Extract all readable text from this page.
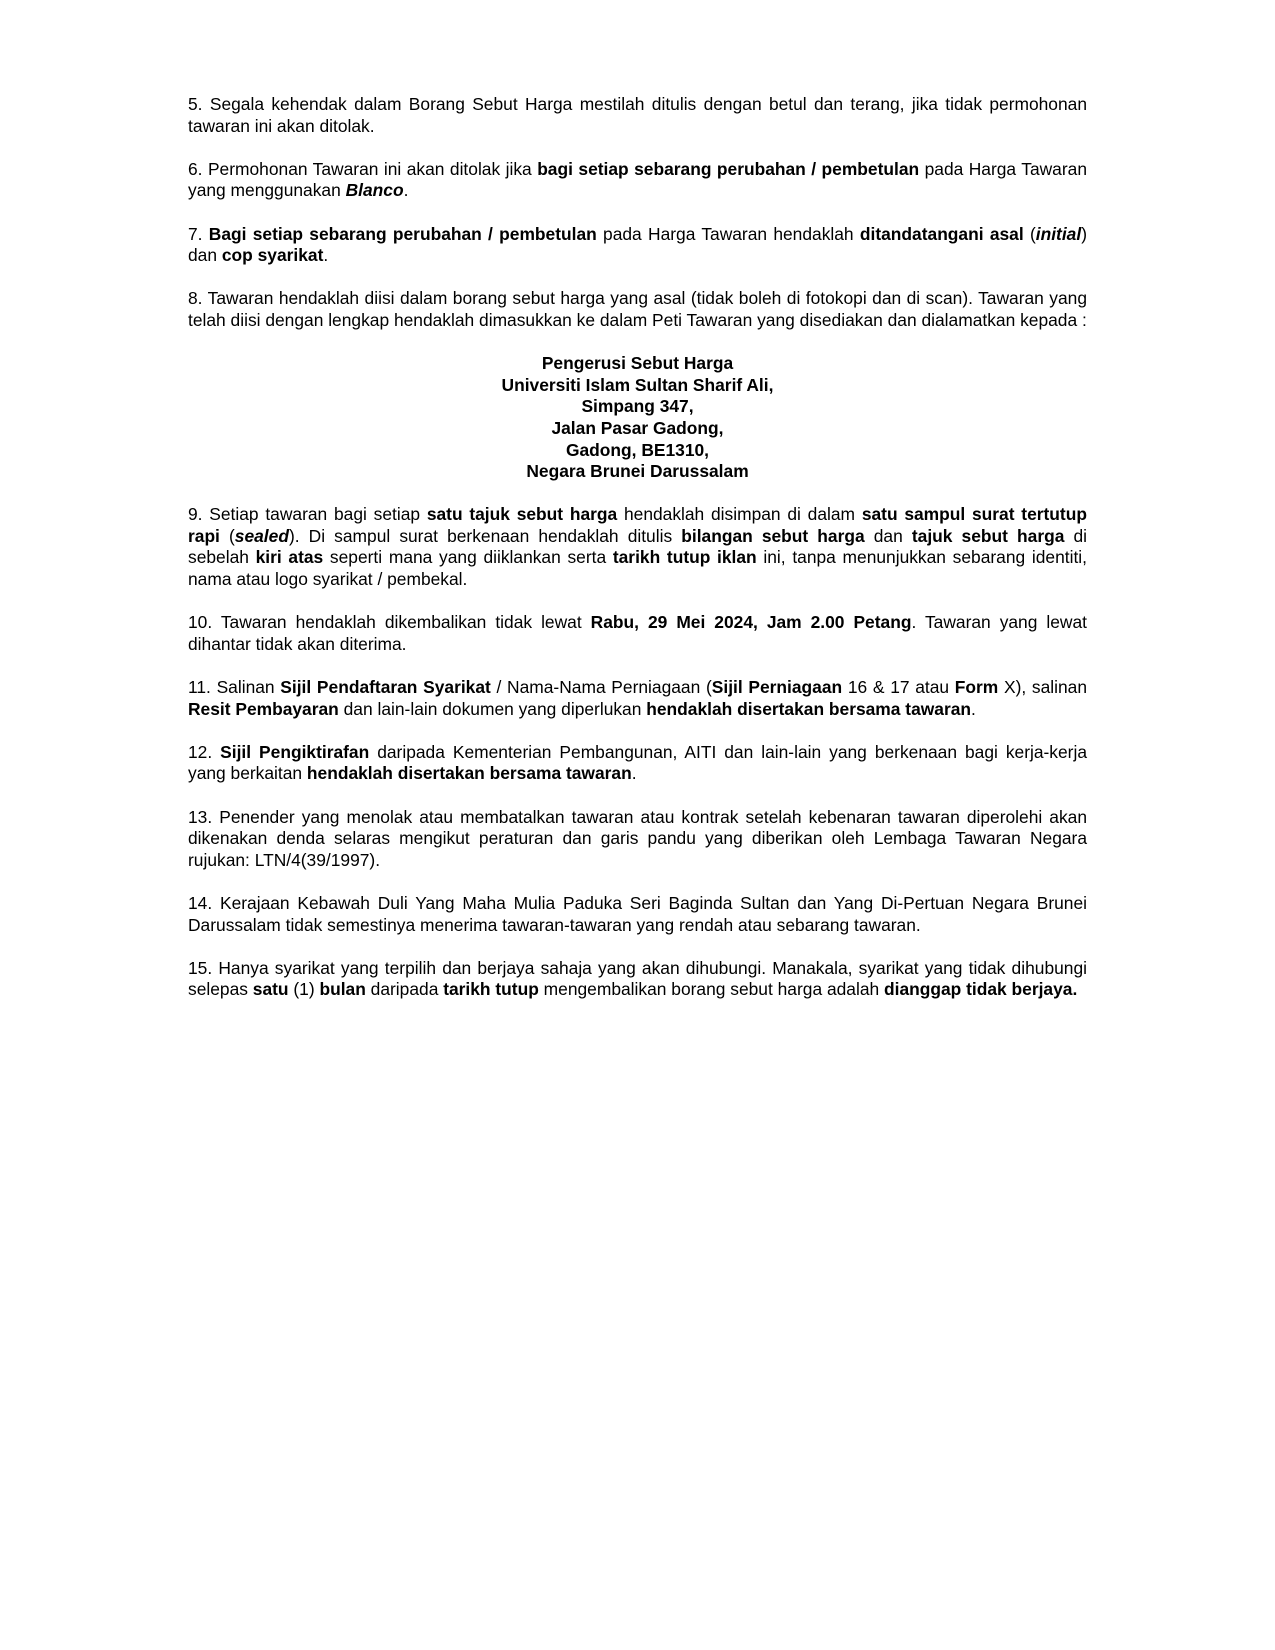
5. Segala kehendak dalam Borang Sebut Harga mestilah ditulis dengan betul dan terang, jika tidak permohonan tawaran ini akan ditolak.

6. Permohonan Tawaran ini akan ditolak jika bagi setiap sebarang perubahan / pembetulan pada Harga Tawaran yang menggunakan Blanco.

7. Bagi setiap sebarang perubahan / pembetulan pada Harga Tawaran hendaklah ditandatangani asal (initial) dan cop syarikat.

8. Tawaran hendaklah diisi dalam borang sebut harga yang asal (tidak boleh di fotokopi dan di scan). Tawaran yang telah diisi dengan lengkap hendaklah dimasukkan ke dalam Peti Tawaran yang disediakan dan dialamatkan kepada :

Pengerusi Sebut Harga
Universiti Islam Sultan Sharif Ali,
Simpang 347,
Jalan Pasar Gadong,
Gadong, BE1310,
Negara Brunei Darussalam

9. Setiap tawaran bagi setiap satu tajuk sebut harga hendaklah disimpan di dalam satu sampul surat tertutup rapi (sealed). Di sampul surat berkenaan hendaklah ditulis bilangan sebut harga dan tajuk sebut harga di sebelah kiri atas seperti mana yang diiklankan serta tarikh tutup iklan ini, tanpa menunjukkan sebarang identiti, nama atau logo syarikat / pembekal.

10. Tawaran hendaklah dikembalikan tidak lewat Rabu, 29 Mei 2024, Jam 2.00 Petang. Tawaran yang lewat dihantar tidak akan diterima.

11. Salinan Sijil Pendaftaran Syarikat / Nama-Nama Perniagaan (Sijil Perniagaan 16 & 17 atau Form X), salinan Resit Pembayaran dan lain-lain dokumen yang diperlukan hendaklah disertakan bersama tawaran.

12. Sijil Pengiktirafan daripada Kementerian Pembangunan, AITI dan lain-lain yang berkenaan bagi kerja-kerja yang berkaitan hendaklah disertakan bersama tawaran.

13. Penender yang menolak atau membatalkan tawaran atau kontrak setelah kebenaran tawaran diperolehi akan dikenakan denda selaras mengikut peraturan dan garis pandu yang diberikan oleh Lembaga Tawaran Negara rujukan: LTN/4(39/1997).

14. Kerajaan Kebawah Duli Yang Maha Mulia Paduka Seri Baginda Sultan dan Yang Di-Pertuan Negara Brunei Darussalam tidak semestinya menerima tawaran-tawaran yang rendah atau sebarang tawaran.

15. Hanya syarikat yang terpilih dan berjaya sahaja yang akan dihubungi. Manakala, syarikat yang tidak dihubungi selepas satu (1) bulan daripada tarikh tutup mengembalikan borang sebut harga adalah dianggap tidak berjaya.
